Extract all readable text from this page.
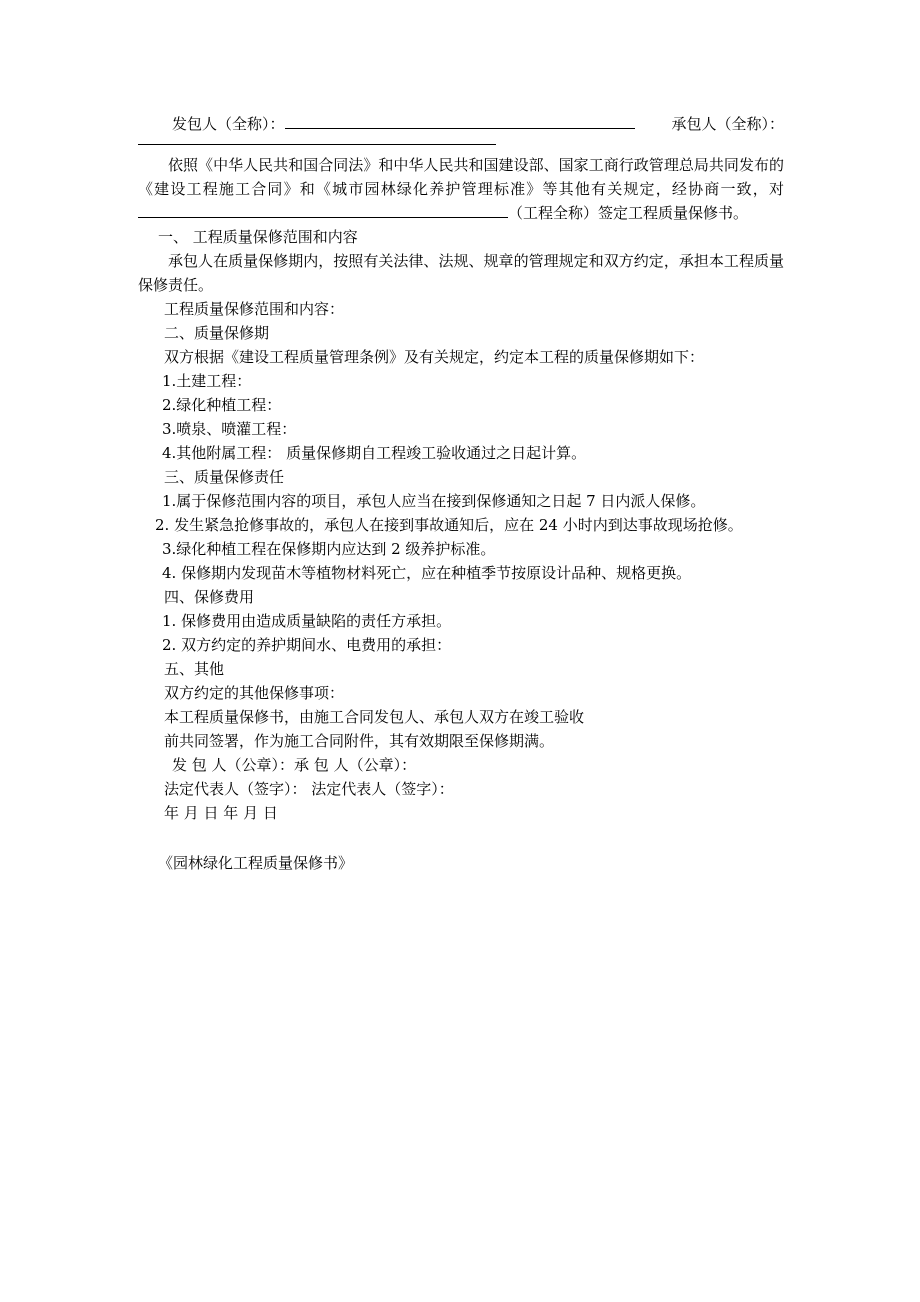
发包人（全称）：	承包人（全称）：
依照《中华人民共和国合同法》和中华人民共和国建设部、国家工商行政管理总局共同发布的《建设工程施工合同》和《城市园林绿化养护管理标准》等其他有关规定，经协商一致，对（工程全称）签定工程质量保修书。
一、 工程质量保修范围和内容
承包人在质量保修期内，按照有关法律、法规、规章的管理规定和双方约定，承担本工程质量保修责任。
工程质量保修范围和内容：
二、质量保修期
双方根据《建设工程质量管理条例》及有关规定，约定本工程的质量保修期如下：
1.土建工程：
2.绿化种植工程：
3.喷泉、喷灌工程：
4.其他附属工程： 质量保修期自工程竣工验收通过之日起计算。
三、质量保修责任
1.属于保修范围内容的项目，承包人应当在接到保修通知之日起 7 日内派人保修。
2. 发生紧急抢修事故的，承包人在接到事故通知后，应在 24 小时内到达事故现场抢修。
3.绿化种植工程在保修期内应达到 2 级养护标准。
4. 保修期内发现苗木等植物材料死亡，应在种植季节按原设计品种、规格更换。
四、保修费用
1. 保修费用由造成质量缺陷的责任方承担。
2. 双方约定的养护期间水、电费用的承担：
五、其他
双方约定的其他保修事项：
本工程质量保修书，由施工合同发包人、承包人双方在竣工验收
前共同签署，作为施工合同附件，其有效期限至保修期满。
发 包 人（公章）：承 包 人（公章）：
法定代表人（签字）： 法定代表人（签字）：
年 月 日 年 月 日
《园林绿化工程质量保修书》
